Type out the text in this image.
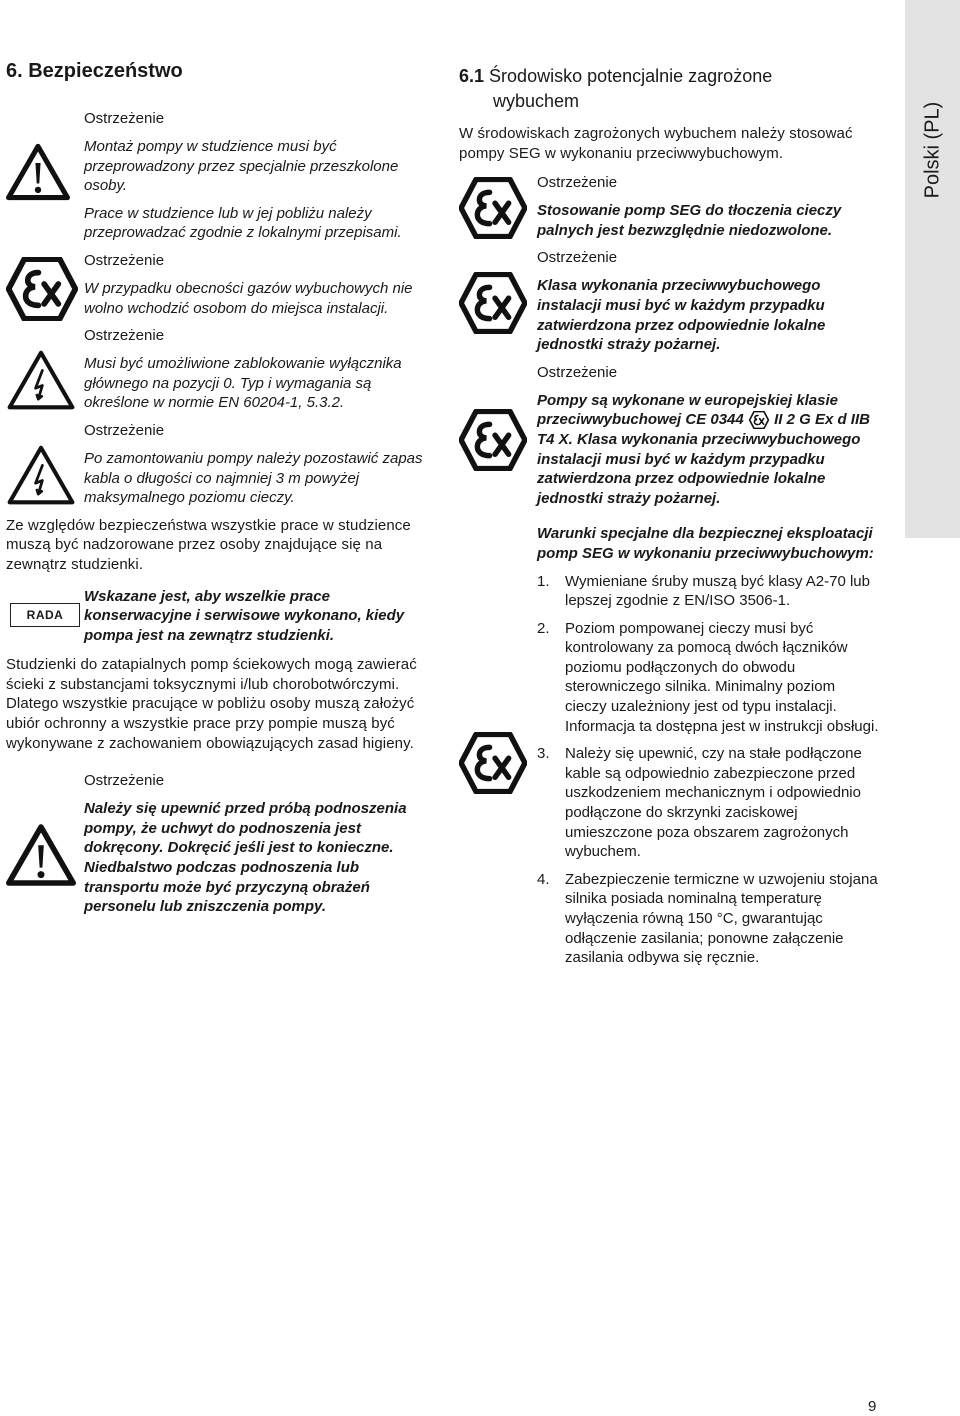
Polski (PL)
6. Bezpieczeństwo
Ostrzeżenie

Montaż pompy w studzience musi być przeprowadzony przez specjalnie przeszkolone osoby.

Prace w studzience lub w jej pobliżu należy przeprowadzać zgodnie z lokalnymi przepisami.

Ostrzeżenie

W przypadku obecności gazów wybuchowych nie wolno wchodzić osobom do miejsca instalacji.

Ostrzeżenie

Musi być umożliwione zablokowanie wyłącznika głównego na pozycji 0. Typ i wymagania są określone w normie EN 60204-1, 5.3.2.

Ostrzeżenie

Po zamontowaniu pompy należy pozostawić zapas kabla o długości co najmniej 3 m powyżej maksymalnego poziomu cieczy.

Ze względów bezpieczeństwa wszystkie prace w studzience muszą być nadzorowane przez osoby znajdujące się na zewnątrz studzienki.

RADA

Wskazane jest, aby wszelkie prace konserwacyjne i serwisowe wykonano, kiedy pompa jest na zewnątrz studzienki.

Studzienki do zatapialnych pomp ściekowych mogą zawierać ścieki z substancjami toksycznymi i/lub chorobotwórczymi. Dlatego wszystkie pracujące w pobliżu osoby muszą założyć ubiór ochronny a wszystkie prace przy pompie muszą być wykonywane z zachowaniem obowiązujących zasad higieny.

Ostrzeżenie

Należy się upewnić przed próbą podnoszenia pompy, że uchwyt do podnoszenia jest dokręcony. Dokręcić jeśli jest to konieczne. Niedbalstwo podczas podnoszenia lub transportu może być przyczyną obrażeń personelu lub zniszczenia pompy.

6.1 Środowisko potencjalnie zagrożone
wybuchem

W środowiskach zagrożonych wybuchem należy stosować pompy SEG w wykonaniu przeciwwybuchowym.

Ostrzeżenie

Stosowanie pomp SEG do tłoczenia cieczy palnych jest bezwzględnie niedozwolone.

Ostrzeżenie

Klasa wykonania przeciwwybuchowego instalacji musi być w każdym przypadku zatwierdzona przez odpowiednie lokalne jednostki straży pożarnej.

Ostrzeżenie

Pompy są wykonane w europejskiej klasie przeciwwybuchowej CE 0344 II 2 G Ex d IIB T4 X. Klasa wykonania przeciwwybuchowego instalacji musi być w każdym przypadku zatwierdzona przez odpowiednie lokalne jednostki straży pożarnej.

Warunki specjalne dla bezpiecznej eksploatacji pomp SEG w wykonaniu przeciwwybuchowym:
1. Wymieniane śruby muszą być klasy A2-70 lub lepszej zgodnie z EN/ISO 3506-1.
2. Poziom pompowanej cieczy musi być kontrolowany za pomocą dwóch łączników poziomu podłączonych do obwodu sterowniczego silnika. Minimalny poziom cieczy uzależniony jest od typu instalacji. Informacja ta dostępna jest w instrukcji obsługi.
3. Należy się upewnić, czy na stałe podłączone kable są odpowiednio zabezpieczone przed uszkodzeniem mechanicznym i odpowiednio podłączone do skrzynki zaciskowej umieszczone poza obszarem zagrożonych wybuchem.
4. Zabezpieczenie termiczne w uzwojeniu stojana silnika posiada nominalną temperaturę wyłączenia równą 150 °C, gwarantując odłączenie zasilania; ponowne załączenie zasilania odbywa się ręcznie.
9
